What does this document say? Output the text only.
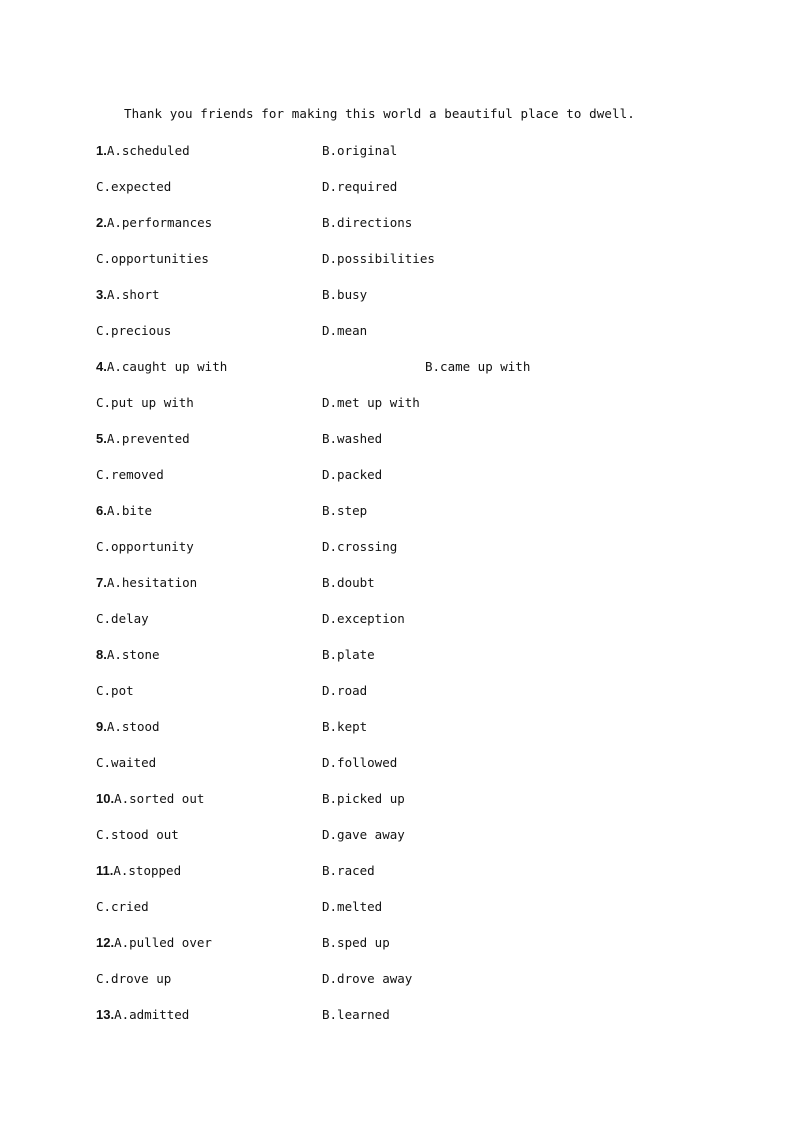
Thank you friends for making this world a beautiful place to dwell.
1.A.scheduled	B.original
C.expected	D.required
2.A.performances	B.directions
C.opportunities	D.possibilities
3.A.short	B.busy
C.precious	D.mean
4.A.caught up with	B.came up with
C.put up with	D.met up with
5.A.prevented	B.washed
C.removed	D.packed
6.A.bite	B.step
C.opportunity	D.crossing
7.A.hesitation	B.doubt
C.delay	D.exception
8.A.stone	B.plate
C.pot	D.road
9.A.stood	B.kept
C.waited	D.followed
10.A.sorted out	B.picked up
C.stood out	D.gave away
11.A.stopped	B.raced
C.cried	D.melted
12.A.pulled over	B.sped up
C.drove up	D.drove away
13.A.admitted	B.learned
